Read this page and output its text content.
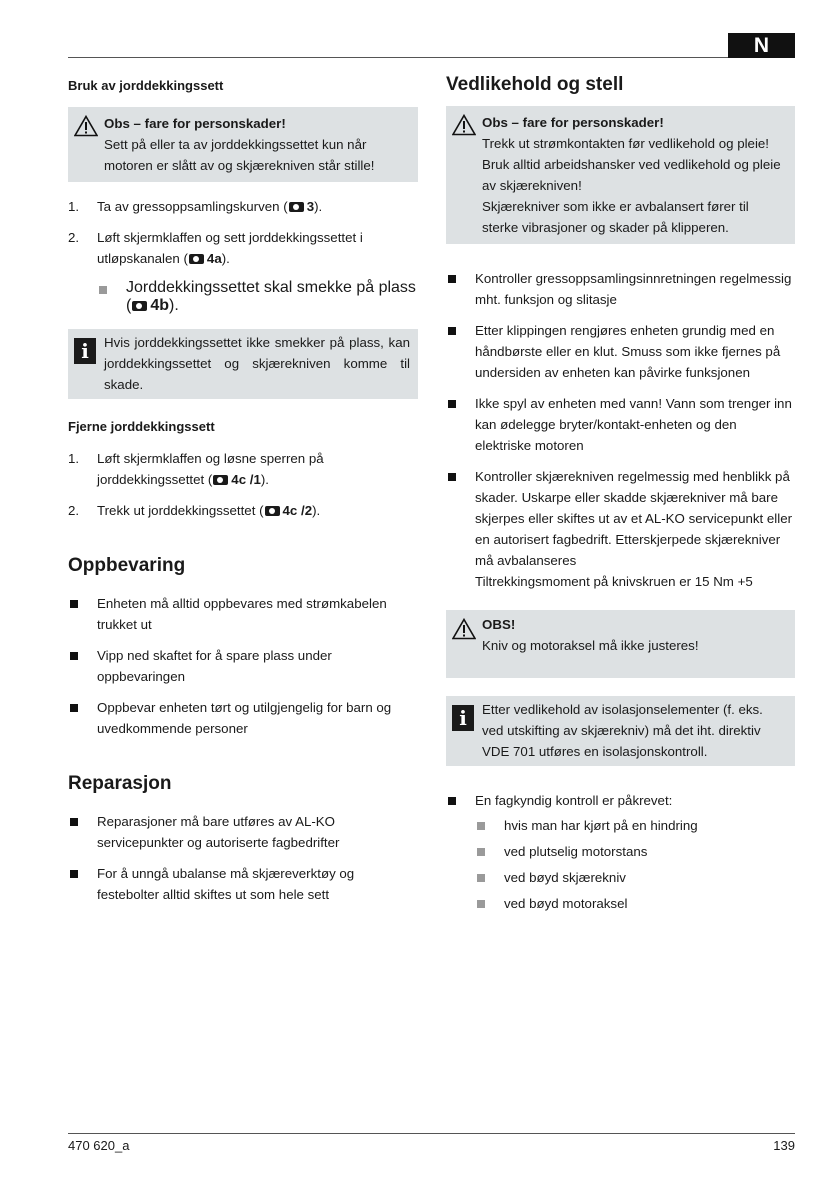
N
Bruk av jorddekkingssett

Obs – fare for personskader!

Sett på eller ta av jorddekkingssettet kun når motoren er slått av og skjærekniven står stille!

1. Ta av gressoppsamlingskurven ( 3).
2. Løft skjermklaffen og sett jorddekkingssettet i utløpskanalen ( 4a).
Jorddekkingssettet skal smekke på plass ( 4b).
i	Hvis jorddekkingssettet ikke smekker på plass, kan jorddekkingssettet og skjærekniven komme til skade.

Fjerne jorddekkingssett
1. Løft skjermklaffen og løsne sperren på jorddekkingssettet ( 4c /1).
2. Trekk ut jorddekkingssettet ( 4c /2).
Oppbevaring
Enheten må alltid oppbevares med strømkabelen trukket ut
Vipp ned skaftet for å spare plass under oppbevaringen
Oppbevar enheten tørt og utilgjengelig for barn og uvedkommende personer
Reparasjon
Reparasjoner må bare utføres av AL-KO servicepunkter og autoriserte fagbedrifter
For å unngå ubalanse må skjæreverktøy og festebolter alltid skiftes ut som hele sett
Vedlikehold og stell

Obs – fare for personskader!

Trekk ut strømkontakten før vedlikehold og pleie!

Bruk alltid arbeidshansker ved vedlikehold og pleie av skjærekniven!

Skjærekniver som ikke er avbalansert fører til sterke vibrasjoner og skader på klipperen.

Kontroller gressoppsamlingsinnretningen regelmessig mht. funksjon og slitasje
Etter klippingen rengjøres enheten grundig med en håndbørste eller en klut. Smuss som ikke fjernes på undersiden av enheten kan påvirke funksjonen
Ikke spyl av enheten med vann! Vann som trenger inn kan ødelegge bryter/kontakt-enheten og den elektriske motoren

Kontroller skjærekniven regelmessig med henblikk på skader. Uskarpe eller skadde skjærekniver må bare skjerpes eller skiftes ut av et AL-KO servicepunkt eller en autorisert fagbedrift. Etterskjerpede skjærekniver må avbalanseres

Tiltrekkingsmoment på knivskruen er 15 Nm +5

OBS!

Kniv og motoraksel må ikke justeres!

i	Etter vedlikehold av isolasjonselementer (f. eks. ved utskifting av skjærekniv) må det iht. direktiv VDE 701 utføres en isolasjonskontroll.

En fagkyndig kontroll er påkrevet:
hvis man har kjørt på en hindring
ved plutselig motorstans
ved bøyd skjærekniv
ved bøyd motoraksel
470 620_a	139
